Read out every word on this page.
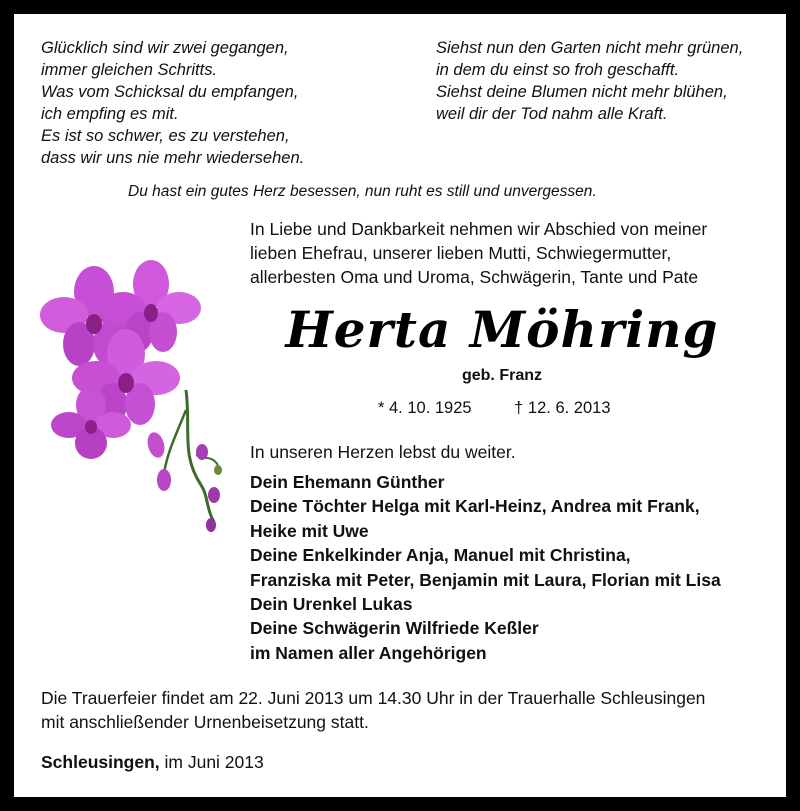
Glücklich sind wir zwei gegangen,
immer gleichen Schritts.
Was vom Schicksal du empfangen,
ich empfing es mit.
Es ist so schwer, es zu verstehen,
dass wir uns nie mehr wiedersehen.
Siehst nun den Garten nicht mehr grünen,
in dem du einst so froh geschafft.
Siehst deine Blumen nicht mehr blühen,
weil dir der Tod nahm alle Kraft.
Du hast ein gutes Herz besessen, nun ruht es still und unvergessen.
In Liebe und Dankbarkeit nehmen wir Abschied von meiner
lieben Ehefrau, unserer lieben Mutti, Schwiegermutter,
allerbesten Oma und Uroma, Schwägerin, Tante und Pate
Herta Möhring
geb. Franz
* 4. 10. 1925	† 12. 6. 2013
In unseren Herzen lebst du weiter.
Dein Ehemann Günther
Deine Töchter Helga mit Karl-Heinz, Andrea mit Frank,
Heike mit Uwe
Deine Enkelkinder Anja, Manuel mit Christina,
Franziska mit Peter, Benjamin mit Laura, Florian mit Lisa
Dein Urenkel Lukas
Deine Schwägerin Wilfriede Keßler
im Namen aller Angehörigen
Die Trauerfeier findet am 22. Juni 2013 um 14.30 Uhr in der Trauerhalle Schleusingen
mit anschließender Urnenbeisetzung statt.
Schleusingen, im Juni 2013
